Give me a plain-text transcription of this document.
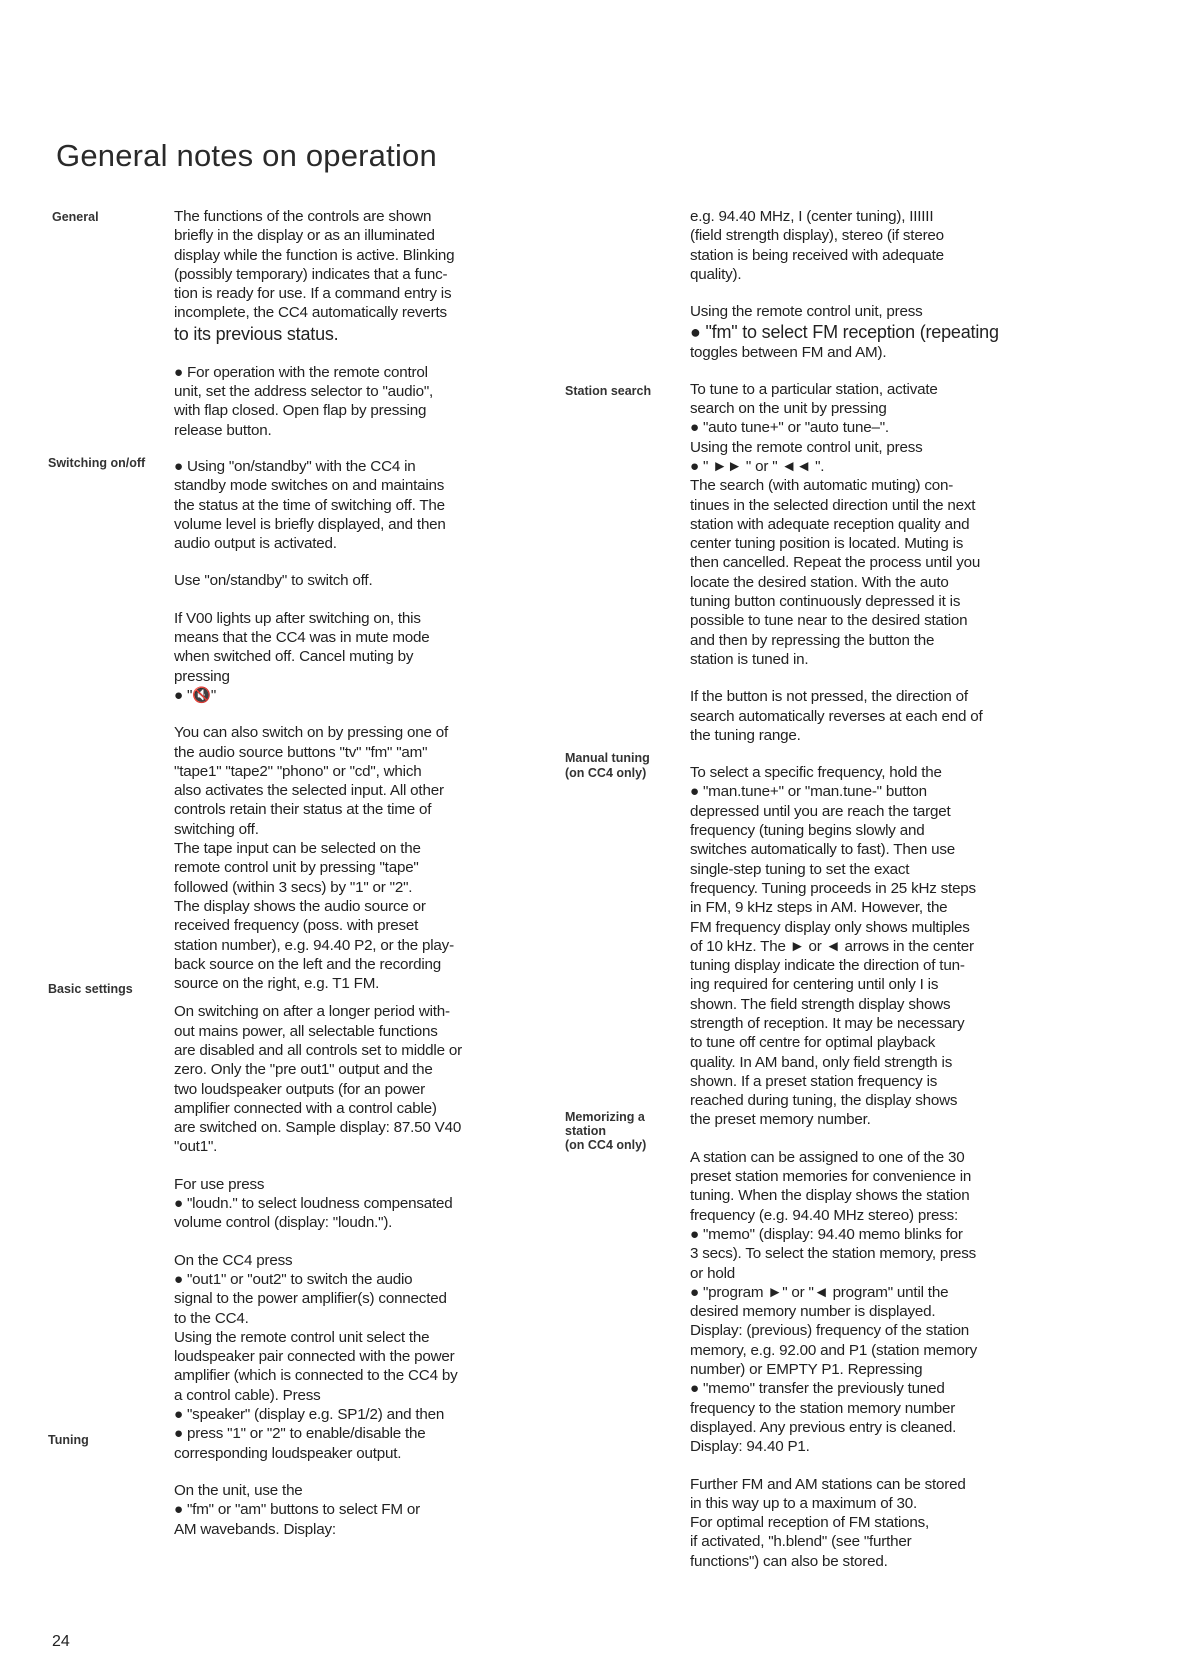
General notes on operation

General

Switching on/off

Basic settings

Tuning

Station search

Manual tuning
(on CC4 only)

Memorizing a
station
(on CC4 only)

The functions of the controls are shown
briefly in the display or as an illuminated
display while the function is active. Blinking
(possibly temporary) indicates that a func-
tion is ready for use. If a command entry is
incomplete, the CC4 automatically reverts

to its previous status.

● For operation with the remote control
unit, set the address selector to "audio",
with flap closed. Open flap by pressing
release button.

● Using "on/standby" with the CC4 in
standby mode switches on and maintains
the status at the time of switching off. The
volume level is briefly displayed, and then
audio output is activated.

Use "on/standby" to switch off.

If V00 lights up after switching on, this
means that the CC4 was in mute mode
when switched off. Cancel muting by
pressing
● "🔇"

You can also switch on by pressing one of
the audio source buttons "tv" "fm" "am"
"tape1" "tape2" "phono" or "cd", which
also activates the selected input. All other
controls retain their status at the time of
switching off.
The tape input can be selected on the
remote control unit by pressing "tape"
followed (within 3 secs) by "1" or "2".
The display shows the audio source or
received frequency (poss. with preset
station number), e.g. 94.40 P2, or the play-
back source on the left and the recording
source on the right, e.g. T1 FM.

On switching on after a longer period with-
out mains power, all selectable functions
are disabled and all controls set to middle or
zero. Only the "pre out1" output and the
two loudspeaker outputs (for an power
amplifier connected with a control cable)
are switched on. Sample display: 87.50 V40
"out1".

For use press
● "loudn." to select loudness compensated
volume control (display: "loudn.").

On the CC4 press
● "out1" or "out2" to switch the audio
signal to the power amplifier(s) connected
to the CC4.
Using the remote control unit select the
loudspeaker pair connected with the power
amplifier (which is connected to the CC4 by
a control cable). Press
● "speaker" (display e.g. SP1/2) and then
● press "1" or "2" to enable/disable the
corresponding loudspeaker output.

On the unit, use the
● "fm" or "am" buttons to select FM or
AM wavebands. Display:

e.g. 94.40 MHz, I (center tuning), IIIIII
(field strength display), stereo (if stereo
station is being received with adequate
quality).

Using the remote control unit, press

● "fm" to select FM reception (repeating

toggles between FM and AM).

To tune to a particular station, activate
search on the unit by pressing
● "auto tune+" or "auto tune–".
Using the remote control unit, press
● " ►► " or " ◄◄ ".
The search (with automatic muting) con-
tinues in the selected direction until the next
station with adequate reception quality and
center tuning position is located. Muting is
then cancelled. Repeat the process until you
locate the desired station. With the auto
tuning button continuously depressed it is
possible to tune near to the desired station
and then by repressing the button the
station is tuned in.

If the button is not pressed, the direction of
search automatically reverses at each end of
the tuning range.

To select a specific frequency, hold the
● "man.tune+" or "man.tune-" button
depressed until you are reach the target
frequency (tuning begins slowly and
switches automatically to fast). Then use
single-step tuning to set the exact
frequency. Tuning proceeds in 25 kHz steps
in FM, 9 kHz steps in AM. However, the
FM frequency display only shows multiples
of 10 kHz. The ► or ◄ arrows in the center
tuning display indicate the direction of tun-
ing required for centering until only I is
shown. The field strength display shows
strength of reception. It may be necessary
to tune off centre for optimal playback
quality. In AM band, only field strength is
shown. If a preset station frequency is
reached during tuning, the display shows
the preset memory number.

A station can be assigned to one of the 30
preset station memories for convenience in
tuning. When the display shows the station
frequency (e.g. 94.40 MHz stereo) press:
● "memo" (display: 94.40 memo blinks for
3 secs). To select the station memory, press
or hold
● "program ►" or "◄ program" until the
desired memory number is displayed.
Display: (previous) frequency of the station
memory, e.g. 92.00 and P1 (station memory
number) or EMPTY P1. Repressing
● "memo" transfer the previously tuned
frequency to the station memory number
displayed. Any previous entry is cleaned.
Display: 94.40 P1.

Further FM and AM stations can be stored
in this way up to a maximum of 30.
For optimal reception of FM stations,
if activated, "h.blend" (see "further
functions") can also be stored.

24
